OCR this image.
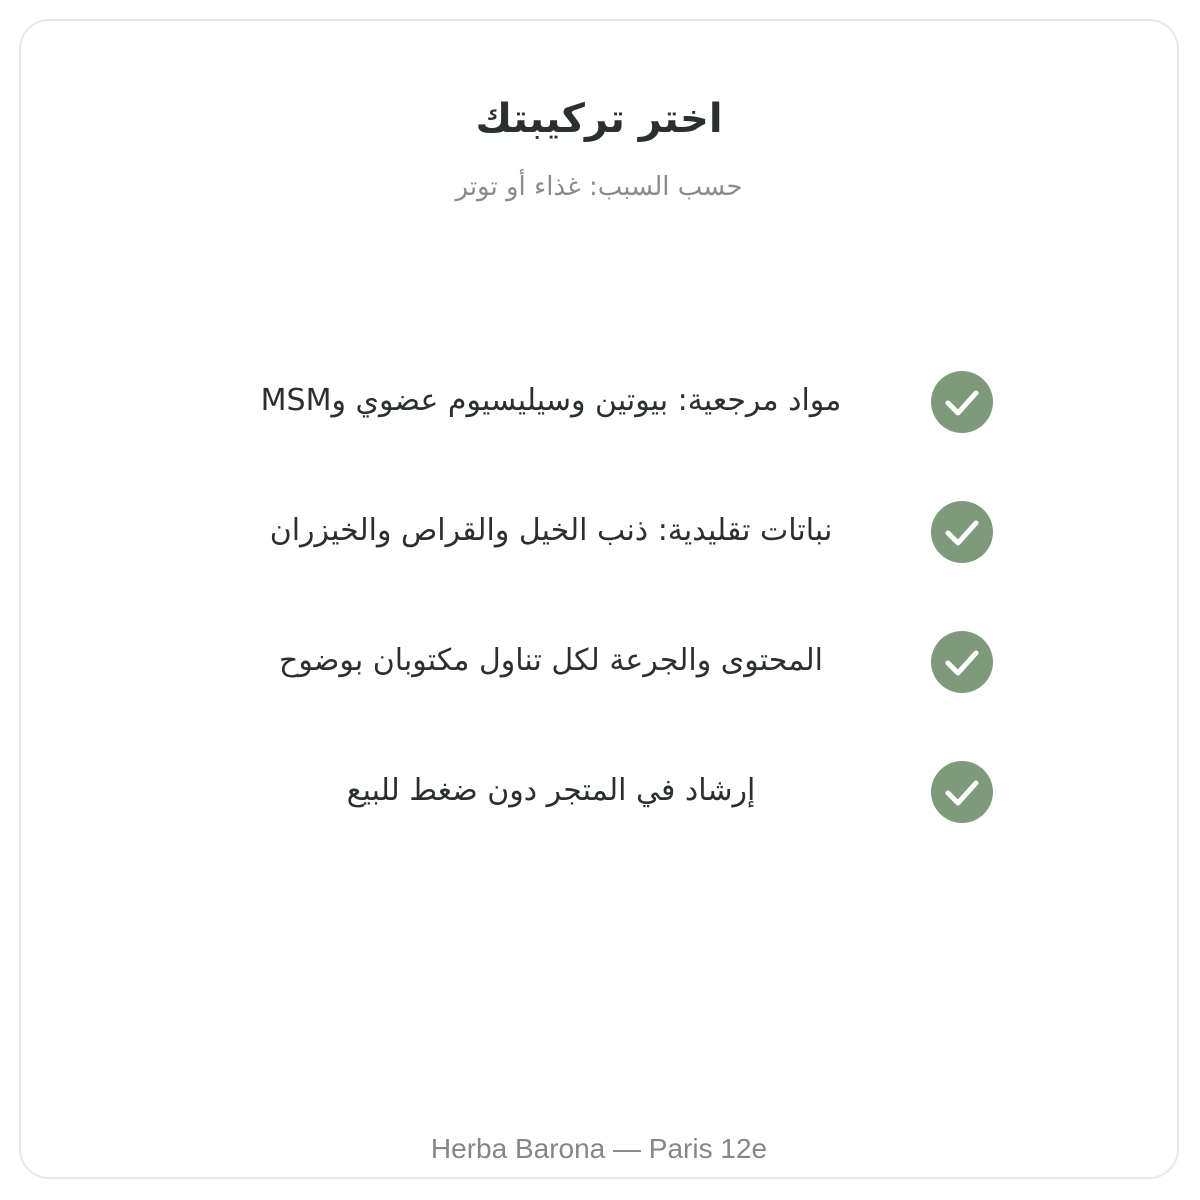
اختر تركيبتك
حسب السبب: غذاء أو توتر
مواد مرجعية: بيوتين وسيليسيوم عضوي وMSM
نباتات تقليدية: ذنب الخيل والقراص والخيزران
المحتوى والجرعة لكل تناول مكتوبان بوضوح
إرشاد في المتجر دون ضغط للبيع
Herba Barona — Paris 12e
